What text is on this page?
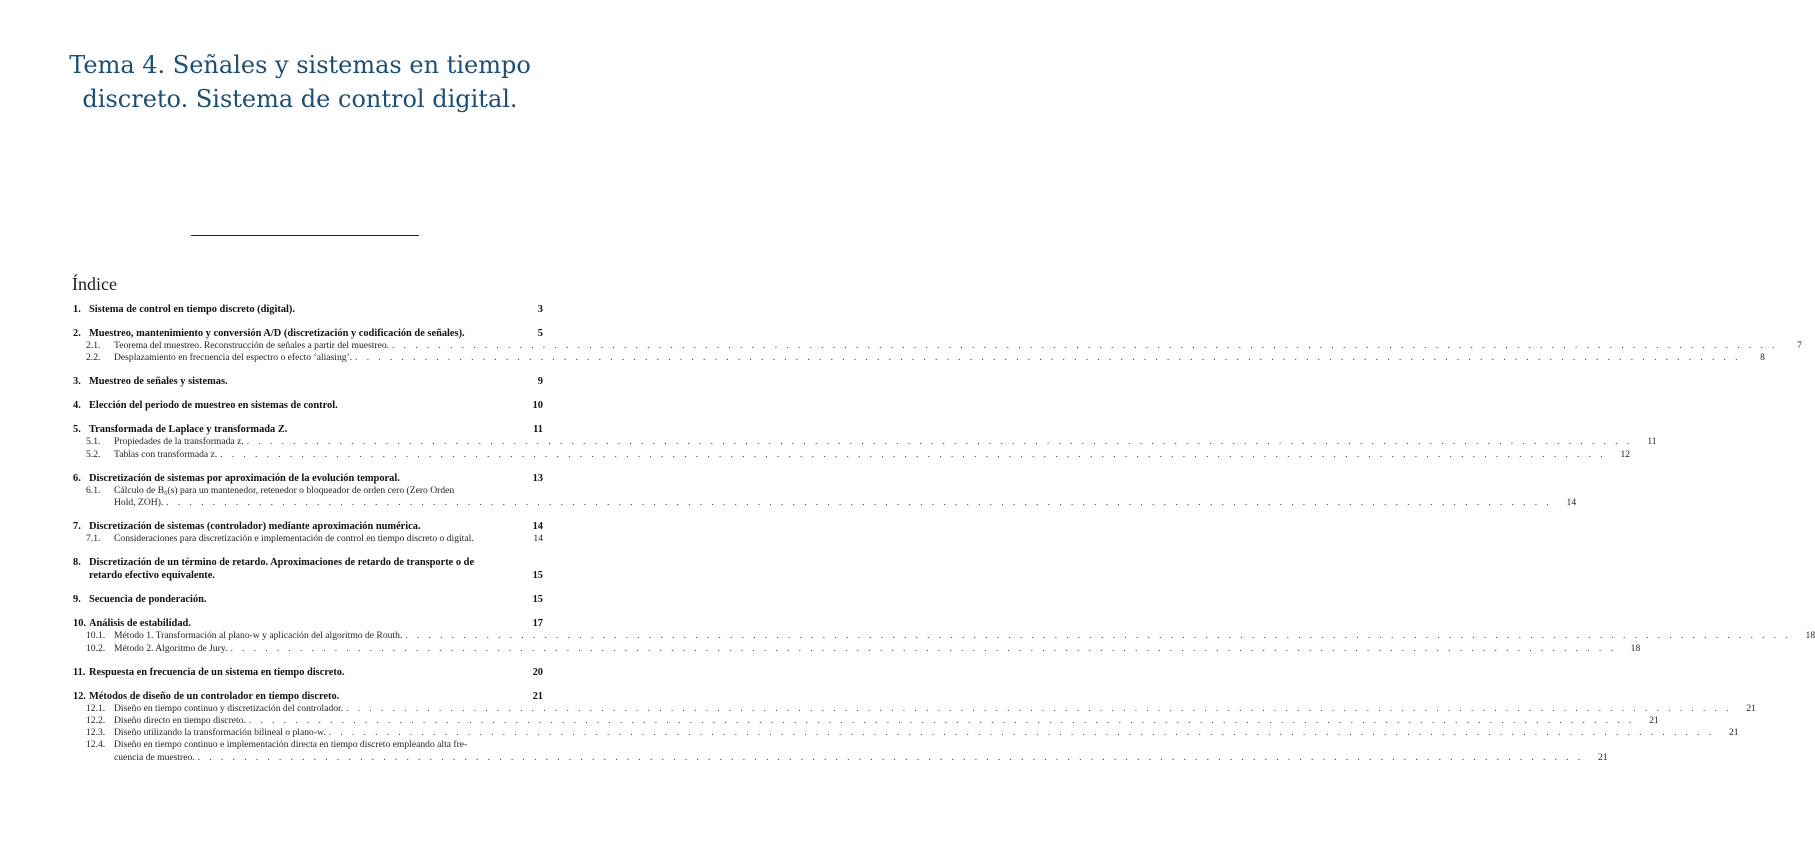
Tema 4. Señales y sistemas en tiempo
discreto. Sistema de control digital.
Índice
1. Sistema de control en tiempo discreto (digital).	3
2. Muestreo, mantenimiento y conversión A/D (discretización y codificación de señales).	5
2.1.	Teorema del muestreo. Reconstrucción de señales a partir del muestreo. . . . . . . . . . . . . . . . . . . . . . . . . . . . . . . . . . . . . . . . . . . . . . . . . . . . . . . . . . . . . . . . . . . . . . . . . . . . . . . . . . . . . . . . . . . . . . . . . . . . . . . . . . . . . . . . . . . . . . . . .	7
2.2.	Desplazamiento en frecuencia del espectro o efecto ‘aliasing’. . . . . . . . . . . . . . . . . . . . . . . . . . . . . . . . . . . . . . . . . . . . . . . . . . . . . . . . . . . . . . . . . . . . . . . . . . . . . . . . . . . . . . . . . . . . . . . . . . . . . . . . . . . . . . . . . . . . . . . . .	8
3. Muestreo de señales y sistemas.	9
4. Elección del periodo de muestreo en sistemas de control.	10
5. Transformada de Laplace y transformada Z.	11
5.1.	Propiedades de la transformada z. . . . . . . . . . . . . . . . . . . . . . . . . . . . . . . . . . . . . . . . . . . . . . . . . . . . . . . . . . . . . . . . . . . . . . . . . . . . . . . . . . . . . . . . . . . . . . . . . . . . . . . . . . . . . . . . . . . . . . . . .	11
5.2.	Tablas con transformada z. . . . . . . . . . . . . . . . . . . . . . . . . . . . . . . . . . . . . . . . . . . . . . . . . . . . . . . . . . . . . . . . . . . . . . . . . . . . . . . . . . . . . . . . . . . . . . . . . . . . . . . . . . . . . . . . . . . . . . . . .	12
6. Discretización de sistemas por aproximación de la evolución temporal.	13
6.1.	Cálculo de B₀(s) para un mantenedor, retenedor o bloqueador de orden cero (Zero Orden
Hold, ZOH). . . . . . . . . . . . . . . . . . . . . . . . . . . . . . . . . . . . . . . . . . . . . . . . . . . . . . . . . . . . . . . . . . . . . . . . . . . . . . . . . . . . . . . . . . . . . . . . . . . . . . . . . . . . . . . . . . . . . . . . .	14
7. Discretización de sistemas (controlador) mediante aproximación numérica.	14
7.1.	Consideraciones para discretización e implementación de control en tiempo discreto o digital.	14
8. Discretización de un término de retardo. Aproximaciones de retardo de transporte o de
retardo efectivo equivalente.	15
9. Secuencia de ponderación.	15
10. Análisis de estabilidad.	17
10.1. Método 1. Transformación al plano-w y aplicación del algoritmo de Routh. . . . . . . . . . . . . . . . . . . . . . . . . . . . . . . . . . . . . . . . . . . . . . . . . . . . . . . . . . . . . . . . . . . . . . . . . . . . . . . . . . . . . . . . . . . . . . . . . . . . . . . . . . . . . . . . . . . . . . . . .	18
10.2. Método 2. Algoritmo de Jury. . . . . . . . . . . . . . . . . . . . . . . . . . . . . . . . . . . . . . . . . . . . . . . . . . . . . . . . . . . . . . . . . . . . . . . . . . . . . . . . . . . . . . . . . . . . . . . . . . . . . . . . . . . . . . . . . . . . . . . . .	18
11. Respuesta en frecuencia de un sistema en tiempo discreto.	20
12. Métodos de diseño de un controlador en tiempo discreto.	21
12.1. Diseño en tiempo continuo y discretización del controlador. . . . . . . . . . . . . . . . . . . . . . . . . . . . . . . . . . . . . . . . . . . . . . . . . . . . . . . . . . . . . . . . . . . . . . . . . . . . . . . . . . . . . . . . . . . . . . . . . . . . . . . . . . . . . . . . . . . . . . . . .	21
12.2. Diseño directo en tiempo discreto. . . . . . . . . . . . . . . . . . . . . . . . . . . . . . . . . . . . . . . . . . . . . . . . . . . . . . . . . . . . . . . . . . . . . . . . . . . . . . . . . . . . . . . . . . . . . . . . . . . . . . . . . . . . . . . . . . . . . . . . .	21
12.3. Diseño utilizando la transformación bilineal o plano-w. . . . . . . . . . . . . . . . . . . . . . . . . . . . . . . . . . . . . . . . . . . . . . . . . . . . . . . . . . . . . . . . . . . . . . . . . . . . . . . . . . . . . . . . . . . . . . . . . . . . . . . . . . . . . . . . . . . . . . . . .	21
12.4. Diseño en tiempo continuo e implementación directa en tiempo discreto empleando alta fre-
cuencia de muestreo. . . . . . . . . . . . . . . . . . . . . . . . . . . . . . . . . . . . . . . . . . . . . . . . . . . . . . . . . . . . . . . . . . . . . . . . . . . . . . . . . . . . . . . . . . . . . . . . . . . . . . . . . . . . . . . . . . . . . . . . .	21
